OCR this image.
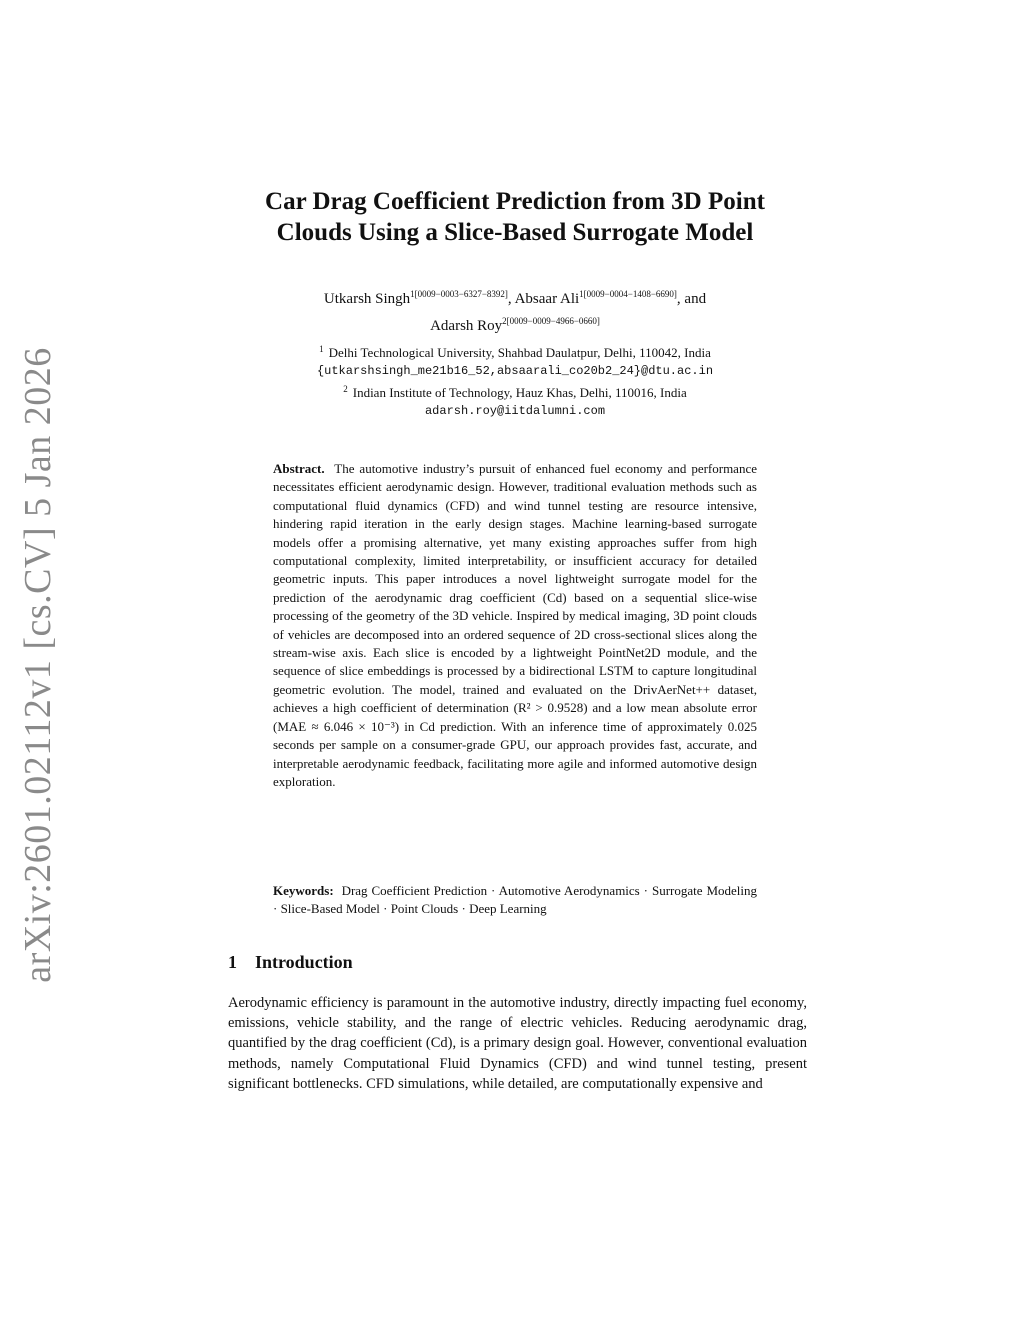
arXiv:2601.02112v1 [cs.CV] 5 Jan 2026
Car Drag Coefficient Prediction from 3D Point
Clouds Using a Slice-Based Surrogate Model
Utkarsh Singh$^{1[0009-0003-6327-8392]}$, Absaar Ali$^{1[0009-0004-1408-6690]}$, and
Adarsh Roy$^{2[0009-0009-4966-0660]}$
$^1$ Delhi Technological University, Shahbad Daulatpur, Delhi, 110042, India
{utkarshsingh_me21b16_52,absaarali_co20b2_24}@dtu.ac.in
$^2$ Indian Institute of Technology, Hauz Khas, Delhi, 110016, India
adarsh.roy@iitdalumni.com
Abstract. The automotive industry’s pursuit of enhanced fuel economy and performance necessitates efficient aerodynamic design. However, traditional evaluation methods such as computational fluid dynamics (CFD) and wind tunnel testing are resource intensive, hindering rapid iteration in the early design stages. Machine learning-based surrogate models offer a promising alternative, yet many existing approaches suffer from high computational complexity, limited interpretability, or insufficient accuracy for detailed geometric inputs. This paper introduces a novel lightweight surrogate model for the prediction of the aerodynamic drag coefficient (Cd) based on a sequential slice-wise processing of the geometry of the 3D vehicle. Inspired by medical imaging, 3D point clouds of vehicles are decomposed into an ordered sequence of 2D cross-sectional slices along the stream-wise axis. Each slice is encoded by a lightweight PointNet2D module, and the sequence of slice embeddings is processed by a bidirectional LSTM to capture longitudinal geometric evolution. The model, trained and evaluated on the DrivAerNet++ dataset, achieves a high coefficient of determination (R² > 0.9528) and a low mean absolute error (MAE ≈ 6.046 × 10⁻³) in Cd prediction. With an inference time of approximately 0.025 seconds per sample on a consumer-grade GPU, our approach provides fast, accurate, and interpretable aerodynamic feedback, facilitating more agile and informed automotive design exploration.
Keywords: Drag Coefficient Prediction · Automotive Aerodynamics · Surrogate Modeling · Slice-Based Model · Point Clouds · Deep Learning
1 Introduction
Aerodynamic efficiency is paramount in the automotive industry, directly impacting fuel economy, emissions, vehicle stability, and the range of electric vehicles. Reducing aerodynamic drag, quantified by the drag coefficient (Cd), is a primary design goal. However, conventional evaluation methods, namely Computational Fluid Dynamics (CFD) and wind tunnel testing, present significant bottlenecks. CFD simulations, while detailed, are computationally expensive and
